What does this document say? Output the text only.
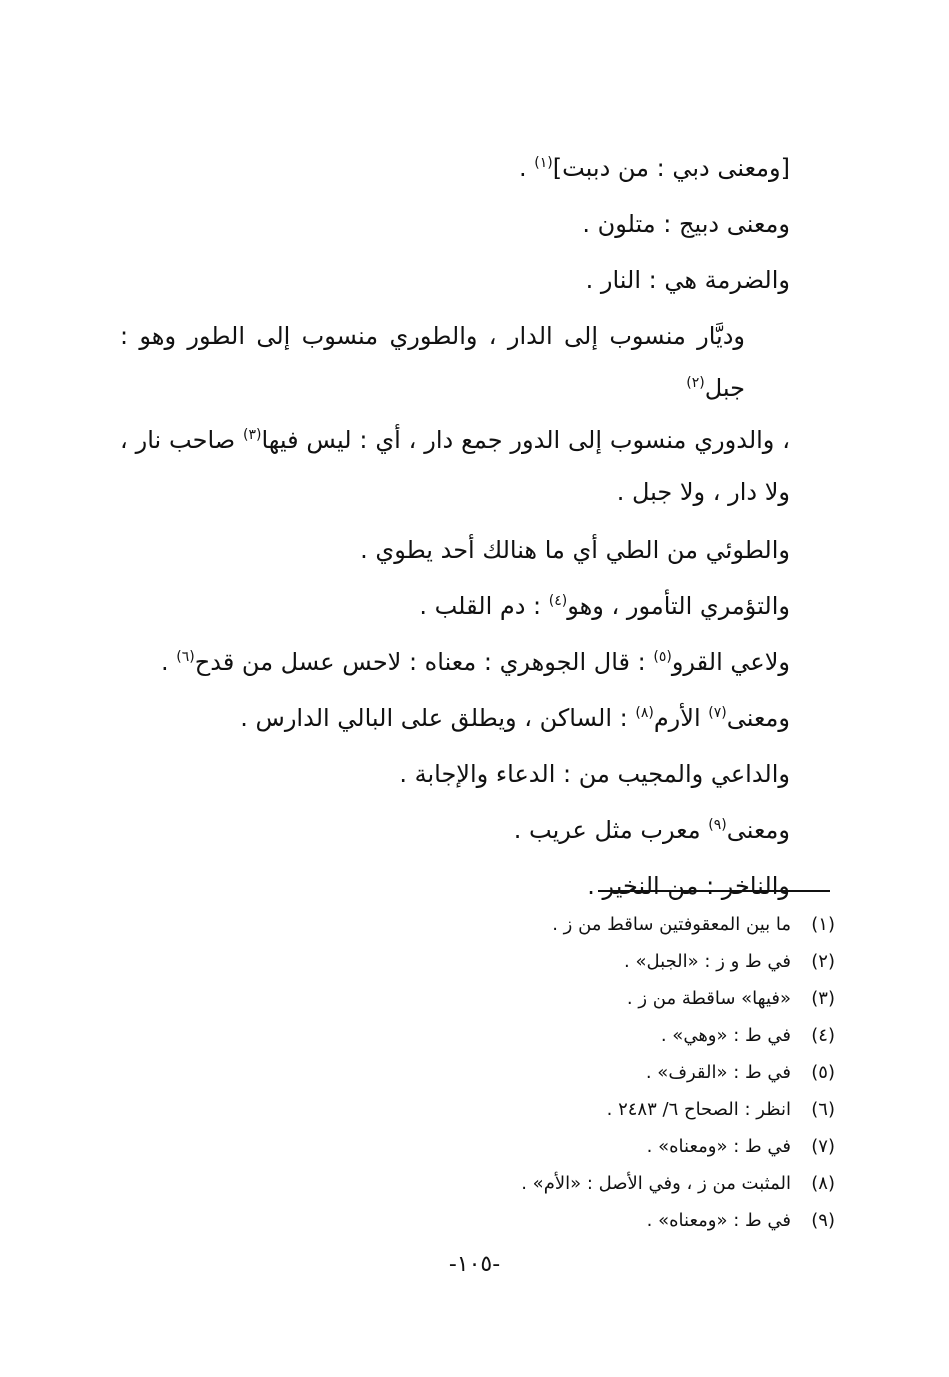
[ومعنى دبي : من دببت]$^{(١)}$ .

ومعنى دبيج : متلون .

والضرمة هي : النار .

وديَّار منسوب إلى الدار ، والطوري منسوب إلى الطور وهو : جبل$^{(٢)}$
، والدوري منسوب إلى الدور جمع دار ، أي : ليس فيها$^{(٣)}$ صاحب نار ، ولا دار ، ولا جبل .

والطوئي من الطي أي ما هنالك أحد يطوي .

والتؤمري التأمور ، وهو$^{(٤)}$ : دم القلب .

ولاعي القرو$^{(٥)}$ : قال الجوهري : معناه : لاحس عسل من قدح$^{(٦)}$ .

ومعنى$^{(٧)}$ الأرم$^{(٨)}$ : الساكن ، ويطلق على البالي الدارس .

والداعي والمجيب من : الدعاء والإجابة .

ومعنى$^{(٩)}$ معرب مثل عريب .

والناخر : من النخير .

(١)ما بين المعقوفتين ساقط من ز .
(٢)في ط و ز : «الجبل» .
(٣)«فيها» ساقطة من ز .
(٤)في ط : «وهي» .
(٥)في ط : «القرف» .
(٦)انظر : الصحاح ٦/ ٢٤٨٣ .
(٧)في ط : «ومعناه» .
(٨)المثبت من ز ، وفي الأصل : «الأم» .
(٩)في ط : «ومعناه» .
-١٠٥-
